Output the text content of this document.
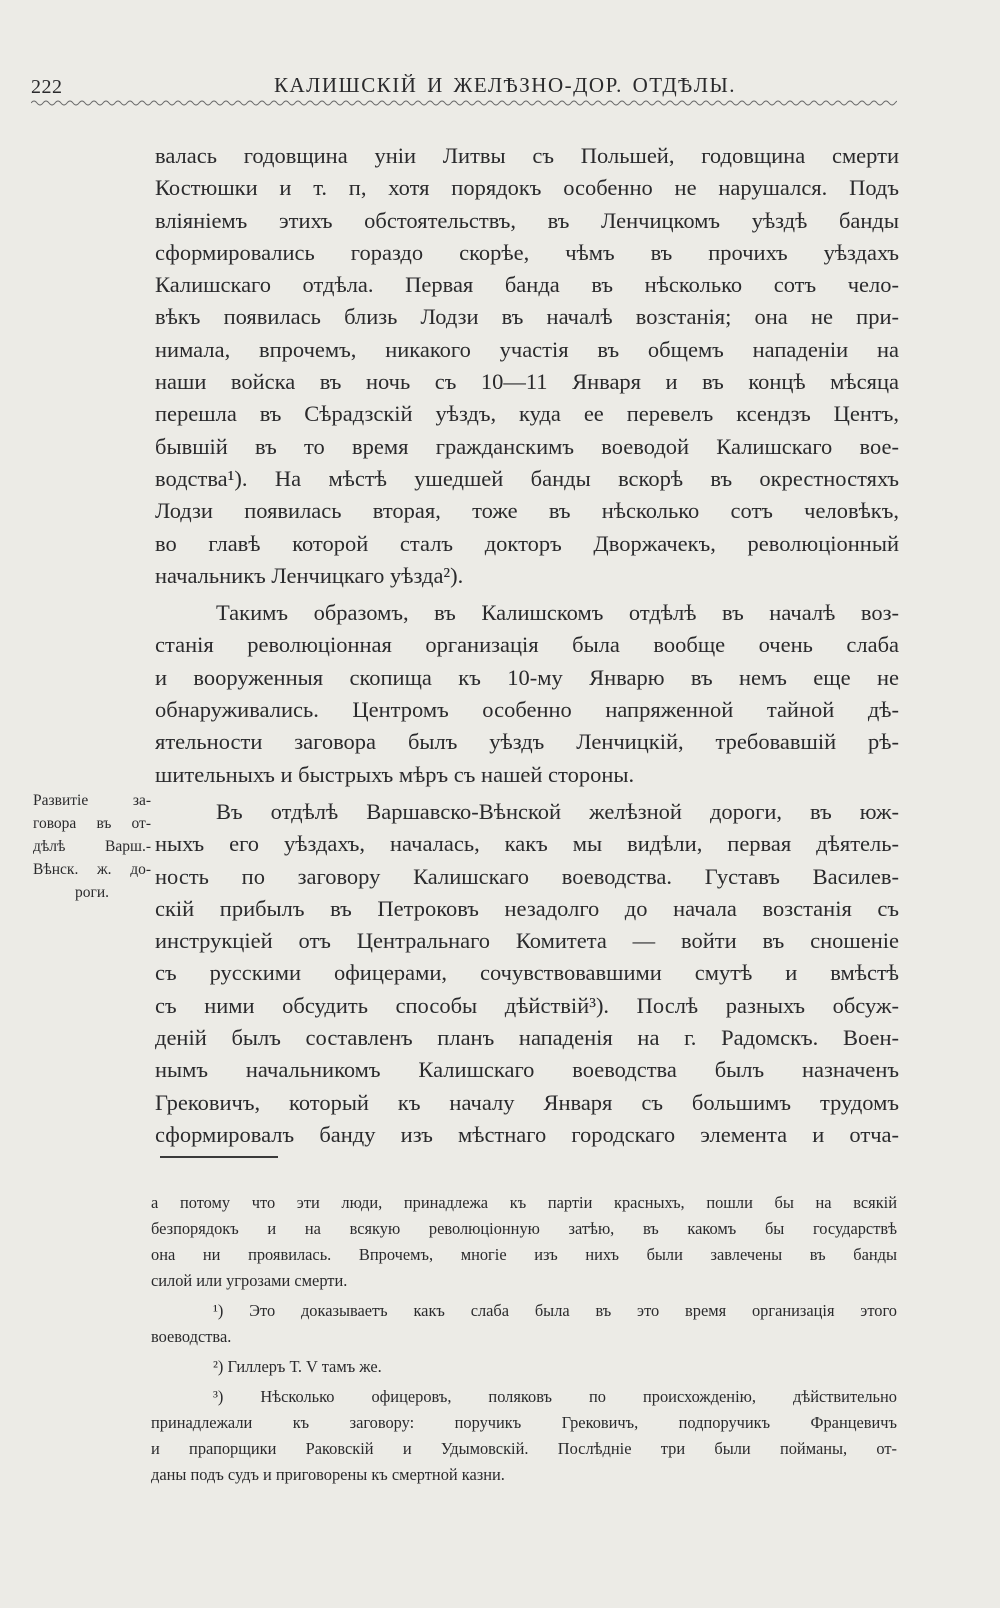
222	КАЛИШСКІЙ И ЖЕЛѢЗНО-ДОР. ОТДѢЛЫ.
валась годовщина уніи Литвы съ Польшей, годовщина смерти
Костюшки и т. п, хотя порядокъ особенно не нарушался. Подъ
вліяніемъ этихъ обстоятельствъ, въ Ленчицкомъ уѣздѣ банды
сформировались гораздо скорѣе, чѣмъ въ прочихъ уѣздахъ
Калишскаго отдѣла. Первая банда въ нѣсколько сотъ чело-
вѣкъ появилась близь Лодзи въ началѣ возстанія; она не при-
нимала, впрочемъ, никакого участія въ общемъ нападеніи на
наши войска въ ночь съ 10—11 Января и въ концѣ мѣсяца
перешла въ Сѣрадзскій уѣздъ, куда ее перевелъ ксендзъ Центъ,
бывшій въ то время гражданскимъ воеводой Калишскаго вое-
водства¹). На мѣстѣ ушедшей банды вскорѣ въ окрестностяхъ
Лодзи появилась вторая, тоже въ нѣсколько сотъ человѣкъ,
во главѣ которой сталъ докторъ Дворжачекъ, революціонный
начальникъ Ленчицкаго уѣзда²).
Такимъ образомъ, въ Калишскомъ отдѣлѣ въ началѣ воз-
станія революціонная организація была вообще очень слаба
и вооруженныя скопища къ 10-му Январю въ немъ еще не
обнаруживались. Центромъ особенно напряженной тайной дѣ-
ятельности заговора былъ уѣздъ Ленчицкій, требовавшій рѣ-
шительныхъ и быстрыхъ мѣръ съ нашей стороны.
Въ отдѣлѣ Варшавско-Вѣнской желѣзной дороги, въ юж-
ныхъ его уѣздахъ, началась, какъ мы видѣли, первая дѣятель-
ность по заговору Калишскаго воеводства. Густавъ Василев-
скій прибылъ въ Петроковъ незадолго до начала возстанія съ
инструкціей отъ Центральнаго Комитета — войти въ сношеніе
съ русскими офицерами, сочувствовавшими смутѣ и вмѣстѣ
съ ними обсудить способы дѣйствій³). Послѣ разныхъ обсуж-
деній былъ составленъ планъ нападенія на г. Радомскъ. Воен-
нымъ начальникомъ Калишскаго воеводства былъ назначенъ
Грековичъ, который къ началу Января съ большимъ трудомъ
сформировалъ банду изъ мѣстнаго городскаго элемента и отча-
Развитіе за-
говора въ от-
дѣлѣ Варш.-
Вѣнск. ж. до-
роги.
а потому что эти люди, принадлежа къ партіи красныхъ, пошли бы на всякій
безпорядокъ и на всякую революціонную затѣю, въ какомъ бы государствѣ
она ни проявилась. Впрочемъ, многіе изъ нихъ были завлечены въ банды
силой или угрозами смерти.
¹) Это доказываетъ какъ слаба была въ это время организація этого
воеводства.
²) Гиллеръ Т. V тамъ же.
³) Нѣсколько офицеровъ, поляковъ по происхожденію, дѣйствительно
принадлежали къ заговору: поручикъ Грековичъ, подпоручикъ Францевичъ
и прапорщики Раковскій и Удымовскій. Послѣдніе три были пойманы, от-
даны подъ судъ и приговорены къ смертной казни.
